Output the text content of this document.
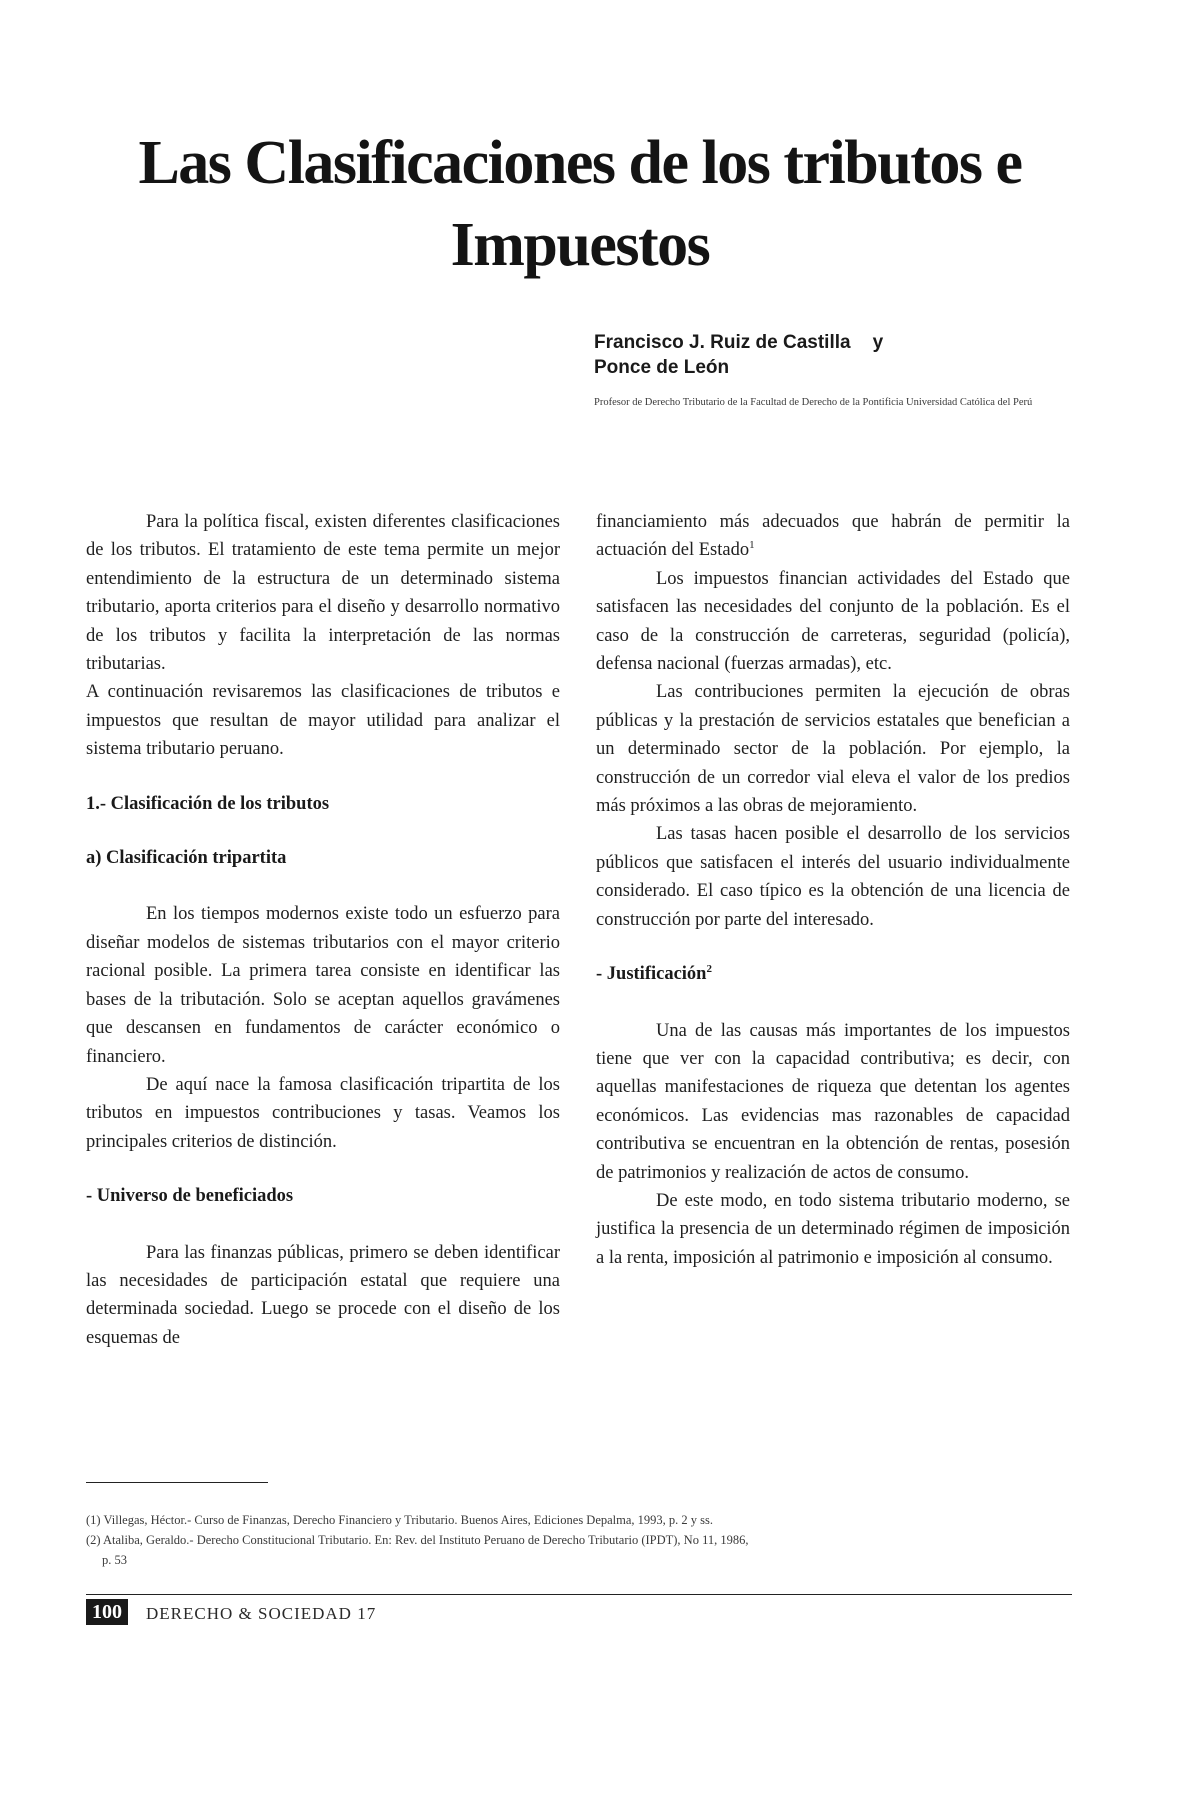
Las Clasificaciones de los tributos e Impuestos
Francisco J. Ruiz de Castilla y
Ponce de León
Profesor de Derecho Tributario de la Facultad de Derecho de la Pontificia Universidad Católica del Perú

Para la política fiscal, existen diferentes clasificaciones de los tributos. El tratamiento de este tema permite un mejor entendimiento de la estructura de un determinado sistema tributario, aporta criterios para el diseño y desarrollo normativo de los tributos y facilita la interpretación de las normas tributarias.

A continuación revisaremos las clasificaciones de tributos e impuestos que resultan de mayor utilidad para analizar el sistema tributario peruano.

1.- Clasificación de los tributos
a) Clasificación tripartita

En los tiempos modernos existe todo un esfuerzo para diseñar modelos de sistemas tributarios con el mayor criterio racional posible. La primera tarea consiste en identificar las bases de la tributación. Solo se aceptan aquellos gravámenes que descansen en fundamentos de carácter económico o financiero.

De aquí nace la famosa clasificación tripartita de los tributos en impuestos contribuciones y tasas. Veamos los principales criterios de distinción.

- Universo de beneficiados

Para las finanzas públicas, primero se deben identificar las necesidades de participación estatal que requiere una determinada sociedad. Luego se procede con el diseño de los esquemas de

financiamiento más adecuados que habrán de permitir la actuación del Estado$^1$

Los impuestos financian actividades del Estado que satisfacen las necesidades del conjunto de la población. Es el caso de la construcción de carreteras, seguridad (policía), defensa nacional (fuerzas armadas), etc.

Las contribuciones permiten la ejecución de obras públicas y la prestación de servicios estatales que benefician a un determinado sector de la población. Por ejemplo, la construcción de un corredor vial eleva el valor de los predios más próximos a las obras de mejoramiento.

Las tasas hacen posible el desarrollo de los servicios públicos que satisfacen el interés del usuario individualmente considerado. El caso típico es la obtención de una licencia de construcción por parte del interesado.

- Justificación$^2$

Una de las causas más importantes de los impuestos tiene que ver con la capacidad contributiva; es decir, con aquellas manifestaciones de riqueza que detentan los agentes económicos. Las evidencias mas razonables de capacidad contributiva se encuentran en la obtención de rentas, posesión de patrimonios y realización de actos de consumo.

De este modo, en todo sistema tributario moderno, se justifica la presencia de un determinado régimen de imposición a la renta, imposición al patrimonio e imposición al consumo.

(1) Villegas, Héctor.- Curso de Finanzas, Derecho Financiero y Tributario. Buenos Aires, Ediciones Depalma, 1993, p. 2 y ss.

(2) Ataliba, Geraldo.- Derecho Constitucional Tributario. En: Rev. del Instituto Peruano de Derecho Tributario (IPDT), No 11, 1986,

p. 53

100	DERECHO & SOCIEDAD 17
